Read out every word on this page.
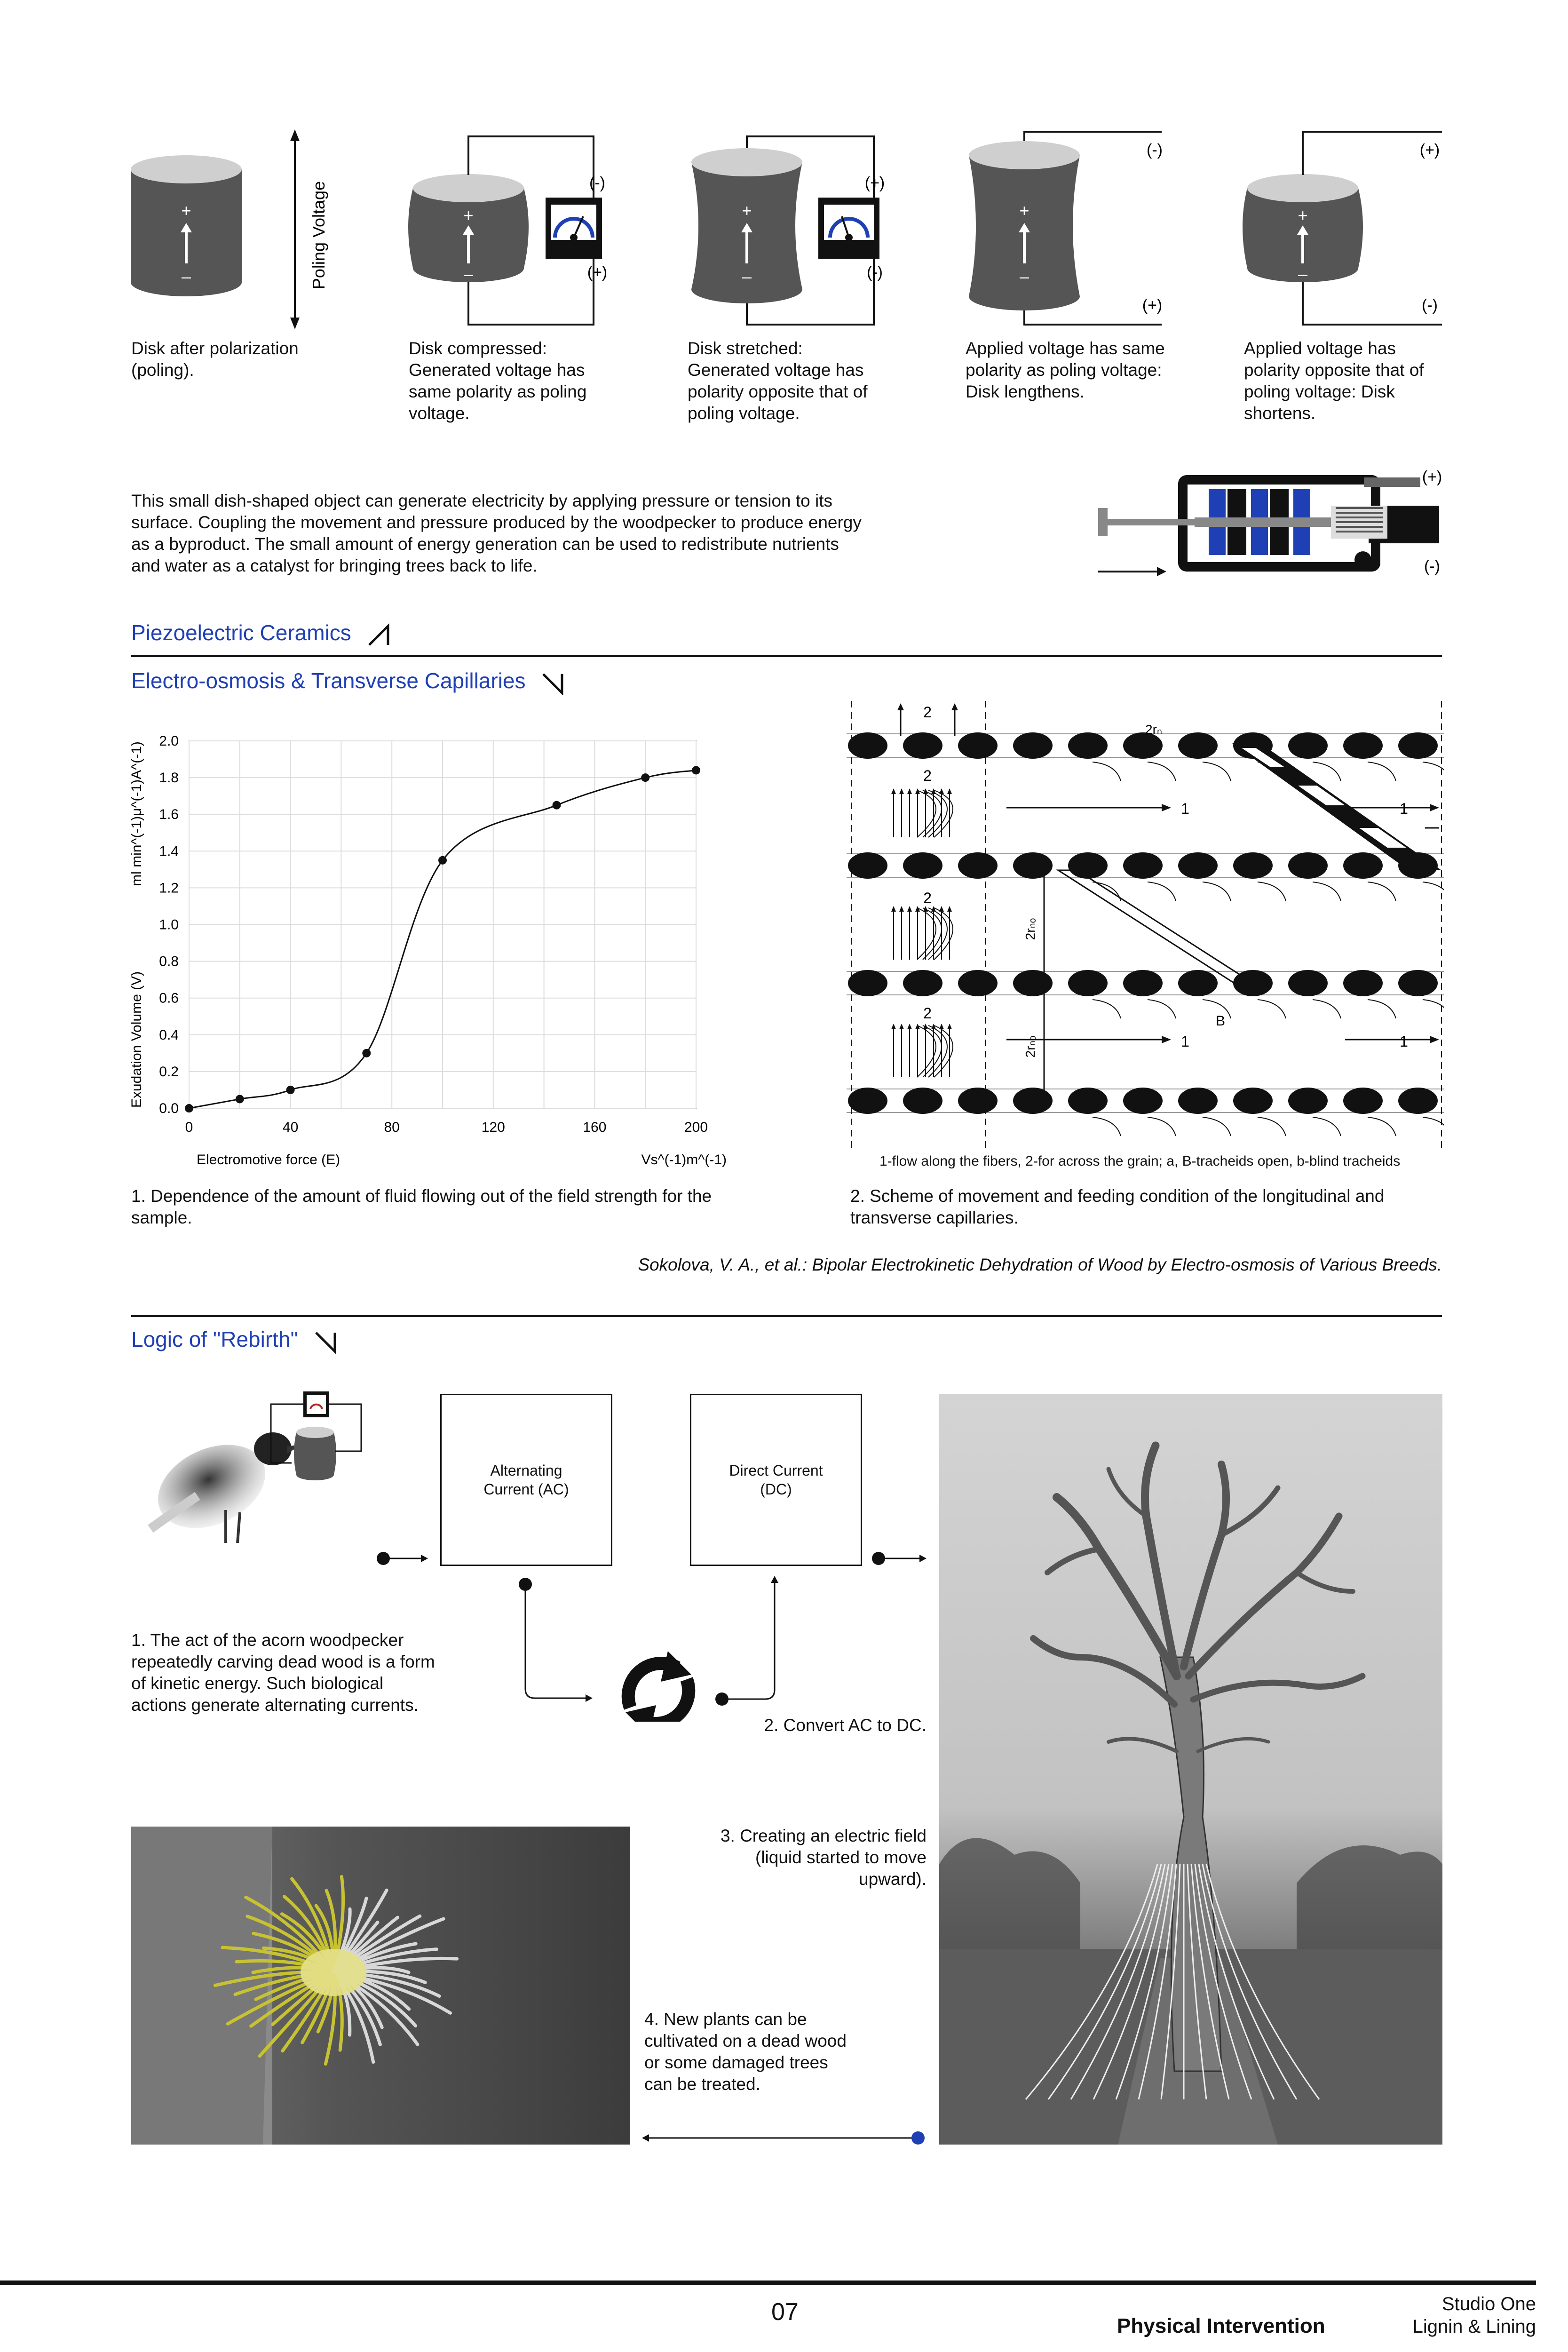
+
–	Poling Voltage	+
–
(-)
(+)
+
–
(+)
(-)
+
–
(-)
(+)
+
–
(+)
(-)
Disk after polarization (poling).
Disk compressed: Generated voltage has same polarity as poling voltage.
Disk stretched: Generated voltage has polarity opposite that of poling voltage.
Applied voltage has same polarity as poling voltage: Disk lengthens.
Applied voltage has polarity opposite that of poling voltage: Disk shortens.
This small dish-shaped object can generate electricity by applying pressure or tension to its surface. Coupling the movement and pressure produced by the woodpecker to produce energy as a byproduct. The small amount of energy generation can be used to redistribute nutrients and water as a catalyst for bringing trees back to life.
(+)
(-)
Piezoelectric Ceramics
Electro-osmosis & Transverse Capillaries
0.0
0.2
0.4
0.6
0.8
1.0
1.2
1.4
1.6
1.8
2.0
0	40	80	120	160	200
ml min^(-1)μ^(-1)A^(-1)
Exudation Volume (V)
Electromotive force (E)	Vs^(-1)m^(-1)
1. Dependence of the amount of fluid flowing out of the field strength for the sample.
2
2rₙ
2
2
2
1	1
1
B
1
2rₙₒ
2rₙₒ
1-flow along the fibers, 2-for across the grain; a, B-tracheids open, b-blind tracheids
2. Scheme of movement and feeding condition of the longitudinal and transverse capillaries.
Sokolova, V. A., et al.: Bipolar Electrokinetic Dehydration of Wood by Electro-osmosis of Various Breeds.
Logic of "Rebirth"
Alternating Current (AC)
Direct Current (DC)
1. The act of the acorn woodpecker repeatedly carving dead wood is a form of kinetic energy. Such biological actions generate alternating currents.
2. Convert AC to DC.
3. Creating an electric field (liquid started to move upward).
4. New plants can be cultivated on a dead wood or some damaged trees can be treated.
07
Physical Intervention
Studio One
Lignin & Lining
